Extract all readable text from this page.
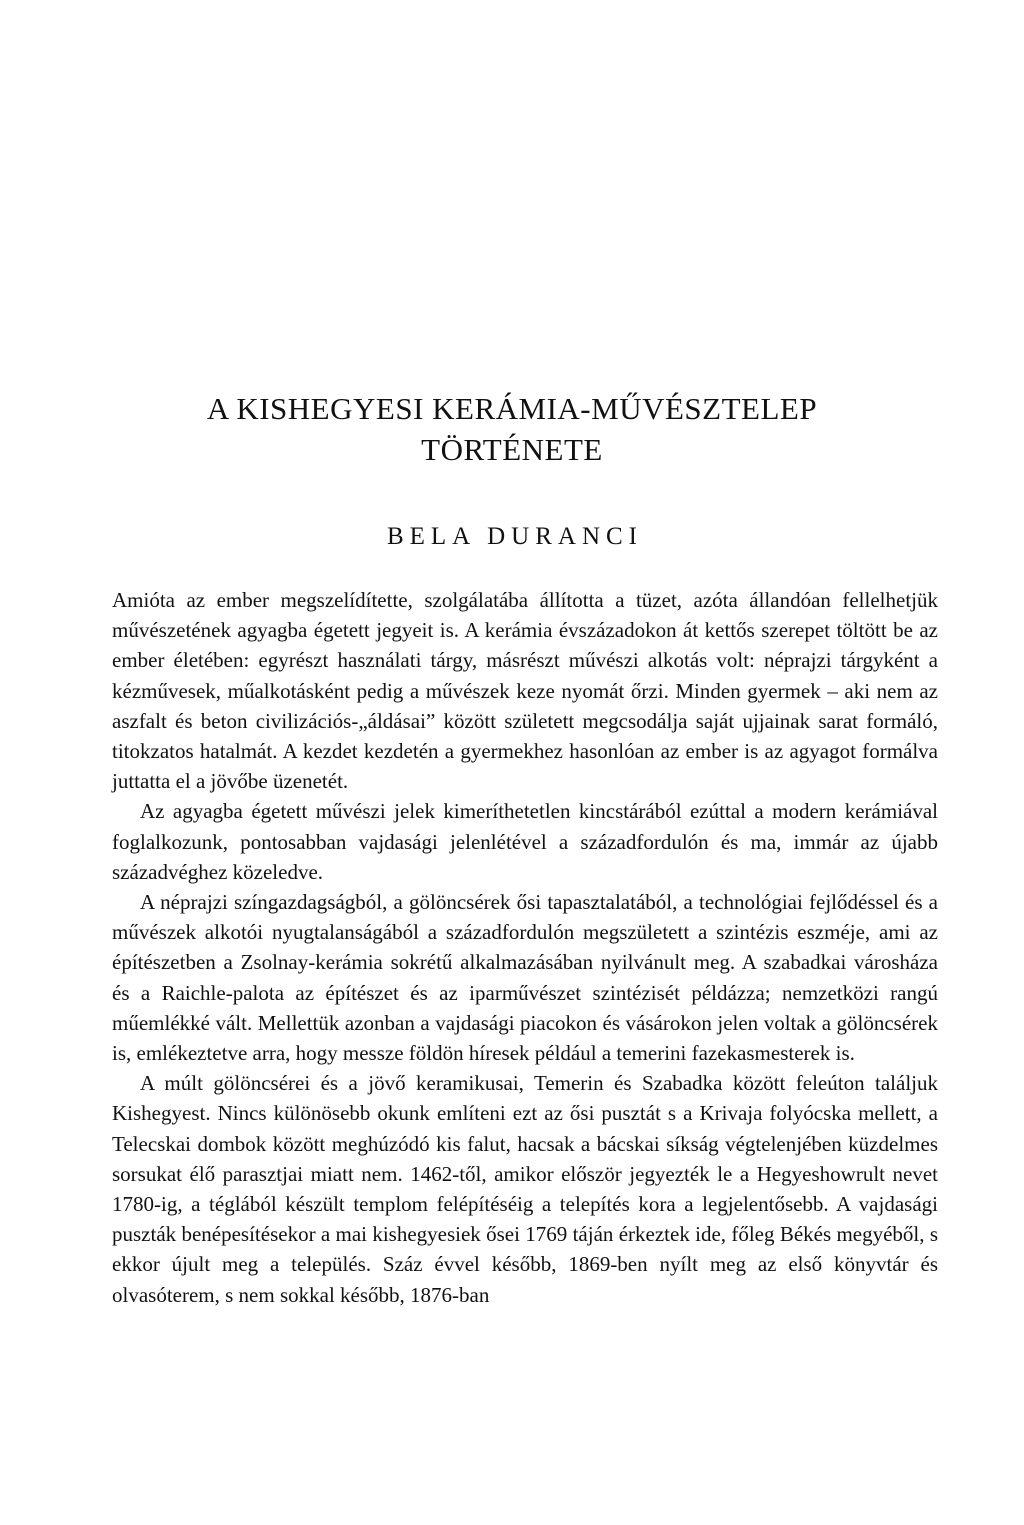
A KISHEGYESI KERÁMIA-MŰVÉSZTELEP
TÖRTÉNETE
BELA DURANCI

Amióta az ember megszelídítette, szolgálatába állította a tüzet, azóta állandóan fellelhetjük művészetének agyagba égetett jegyeit is. A kerámia évszázadokon át kettős szerepet töltött be az ember életében: egyrészt használati tárgy, másrészt művészi alkotás volt: néprajzi tárgyként a kézművesek, műalkotásként pedig a művészek keze nyomát őrzi. Minden gyermek – aki nem az aszfalt és beton civilizációs-„áldásai” között született megcsodálja saját ujjainak sarat formáló, titokzatos hatalmát. A kezdet kezdetén a gyermekhez hasonlóan az ember is az agyagot formálva juttatta el a jövőbe üzenetét.

Az agyagba égetett művészi jelek kimeríthetetlen kincstárából ezúttal a modern kerámiával foglalkozunk, pontosabban vajdasági jelenlétével a századfordulón és ma, immár az újabb századvéghez közeledve.

A néprajzi színgazdagságból, a gölöncsérek ősi tapasztalatából, a technológiai fejlődéssel és a művészek alkotói nyugtalanságából a századfordulón megszületett a szintézis eszméje, ami az építészetben a Zsolnay-kerámia sokrétű alkalmazásában nyilvánult meg. A szabadkai városháza és a Raichle-palota az építészet és az iparművészet szintézisét példázza; nemzetközi rangú műemlékké vált. Mellettük azonban a vajdasági piacokon és vásárokon jelen voltak a gölöncsérek is, emlékeztetve arra, hogy messze földön híresek például a temerini fazekasmesterek is.

A múlt gölöncsérei és a jövő keramikusai, Temerin és Szabadka között feleúton találjuk Kishegyest. Nincs különösebb okunk említeni ezt az ősi pusztát s a Krivaja folyócska mellett, a Telecskai dombok között meghúzódó kis falut, hacsak a bácskai síkság végtelenjében küzdelmes sorsukat élő parasztjai miatt nem. 1462-től, amikor először jegyezték le a Hegyeshowrult nevet 1780-ig, a téglából készült templom felépítéséig a telepítés kora a legjelentősebb. A vajdasági puszták benépesítésekor a mai kishegyesiek ősei 1769 táján érkeztek ide, főleg Békés megyéből, s ekkor újult meg a település. Száz évvel később, 1869-ben nyílt meg az első könyvtár és olvasóterem, s nem sokkal később, 1876-ban
